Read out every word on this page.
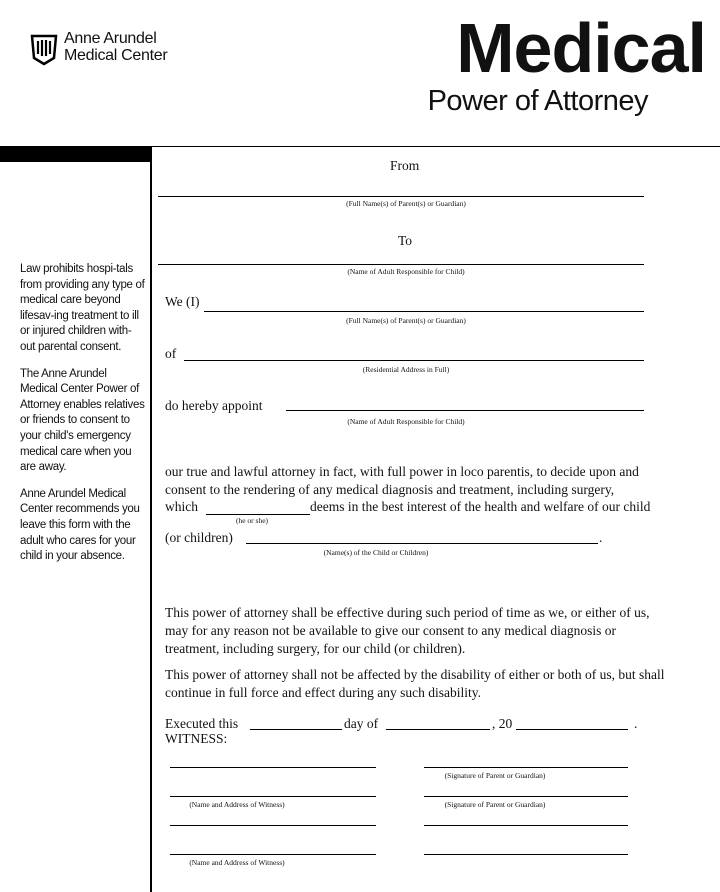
Anne Arundel
Medical Center	Medical
Power of Attorney

Law prohibits hospi-tals from providing any type of medical care beyond lifesav-ing treatment to ill or injured children with-out parental consent.

The Anne Arundel Medical Center Power of Attorney enables relatives or friends to consent to your child's emergency medical care when you are away.

Anne Arundel Medical Center recommends you leave this form with the adult who cares for your child in your absence.

From
(Full Name(s) of Parent(s) or Guardian)
To
(Name of Adult Responsible for Child)
We (I)
(Full Name(s) of Parent(s) or Guardian)
of
(Residential Address in Full)
do hereby appoint
(Name of Adult Responsible for Child)
our true and lawful attorney in fact, with full power in loco parentis, to decide upon and
consent to the rendering of any medical diagnosis and treatment, including surgery,
which	deems in the best interest of the health and welfare of our child
(he or she)
(or children)	.
(Name(s) of the Child or Children)

This power of attorney shall be effective during such period of time as we, or either of us, may for any reason not be available to give our consent to any medical diagnosis or treatment, including surgery, for our child (or children).

This power of attorney shall not be affected by the disability of either or both of us, but shall continue in full force and effect during any such disability.

Executed this	day of	, 20	.
WITNESS:
(Signature of Parent or Guardian)
(Name and Address of Witness)	(Signature of Parent or Guardian)
(Name and Address of Witness)
